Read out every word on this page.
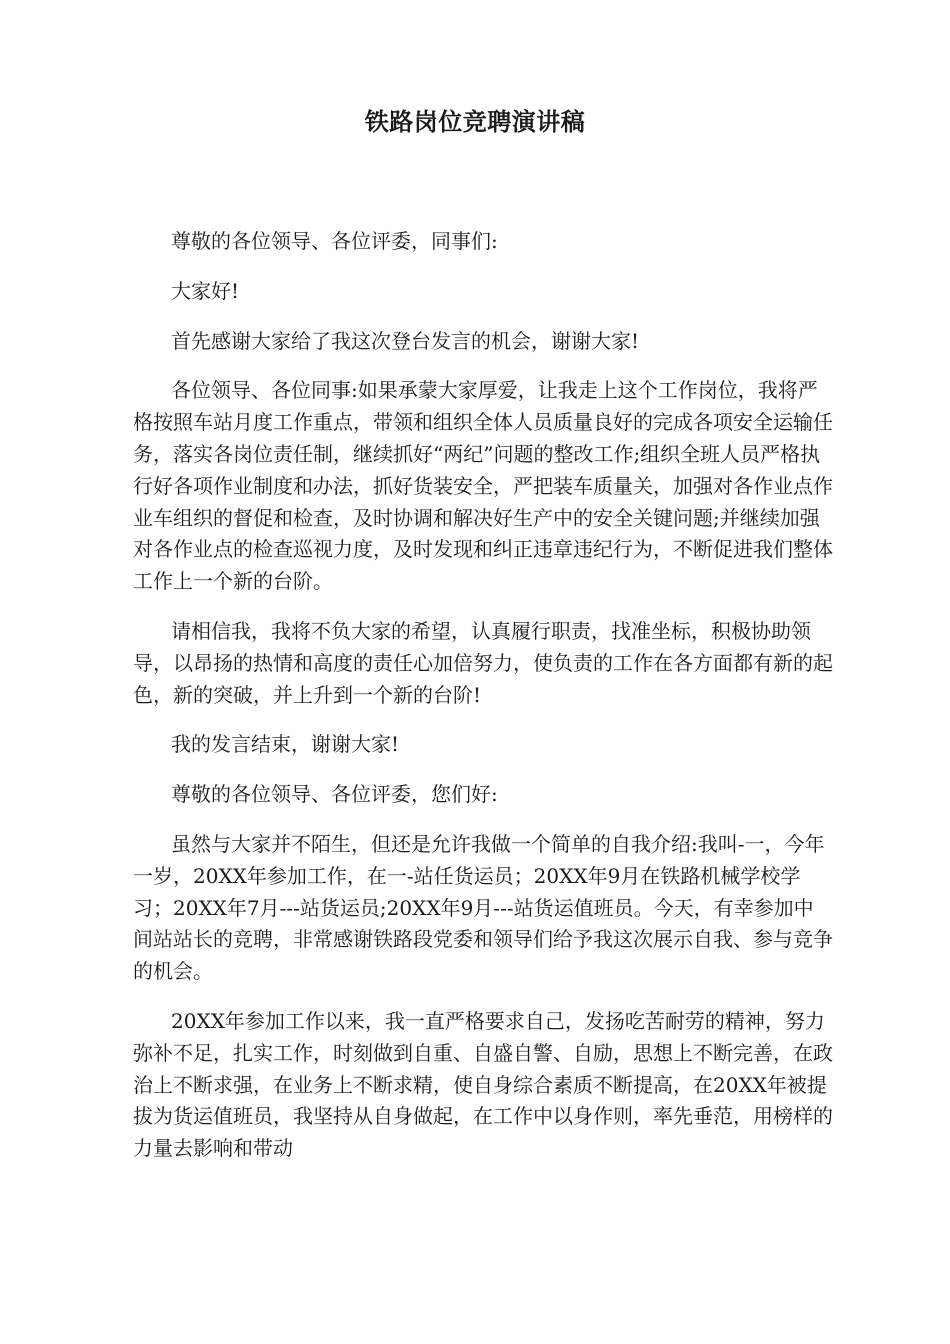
铁路岗位竞聘演讲稿

尊敬的各位领导、各位评委，同事们:

大家好!

首先感谢大家给了我这次登台发言的机会，谢谢大家!

各位领导、各位同事:如果承蒙大家厚爱，让我走上这个工作岗位，我将严格按照车站月度工作重点，带领和组织全体人员质量良好的完成各项安全运输任务，落实各岗位责任制，继续抓好“两纪”问题的整改工作;组织全班人员严格执行好各项作业制度和办法，抓好货装安全，严把装车质量关，加强对各作业点作业车组织的督促和检查，及时协调和解决好生产中的安全关键问题;并继续加强对各作业点的检查巡视力度，及时发现和纠正违章违纪行为，不断促进我们整体工作上一个新的台阶。

请相信我，我将不负大家的希望，认真履行职责，找准坐标，积极协助领导，以昂扬的热情和高度的责任心加倍努力，使负责的工作在各方面都有新的起色，新的突破，并上升到一个新的台阶!

我的发言结束，谢谢大家!

尊敬的各位领导、各位评委，您们好:

虽然与大家并不陌生，但还是允许我做一个简单的自我介绍:我叫-一，今年一岁，20XX年参加工作，在一-站任货运员；20XX年9月在铁路机械学校学习；20XX年7月---站货运员;20XX年9月---站货运值班员。今天，有幸参加中间站站长的竞聘，非常感谢铁路段党委和领导们给予我这次展示自我、参与竞争的机会。

20XX年参加工作以来，我一直严格要求自己，发扬吃苦耐劳的精神，努力弥补不足，扎实工作，时刻做到自重、自盛自警、自励，思想上不断完善，在政治上不断求强，在业务上不断求精，使自身综合素质不断提高，在20XX年被提拔为货运值班员，我坚持从自身做起，在工作中以身作则，率先垂范，用榜样的力量去影响和带动
